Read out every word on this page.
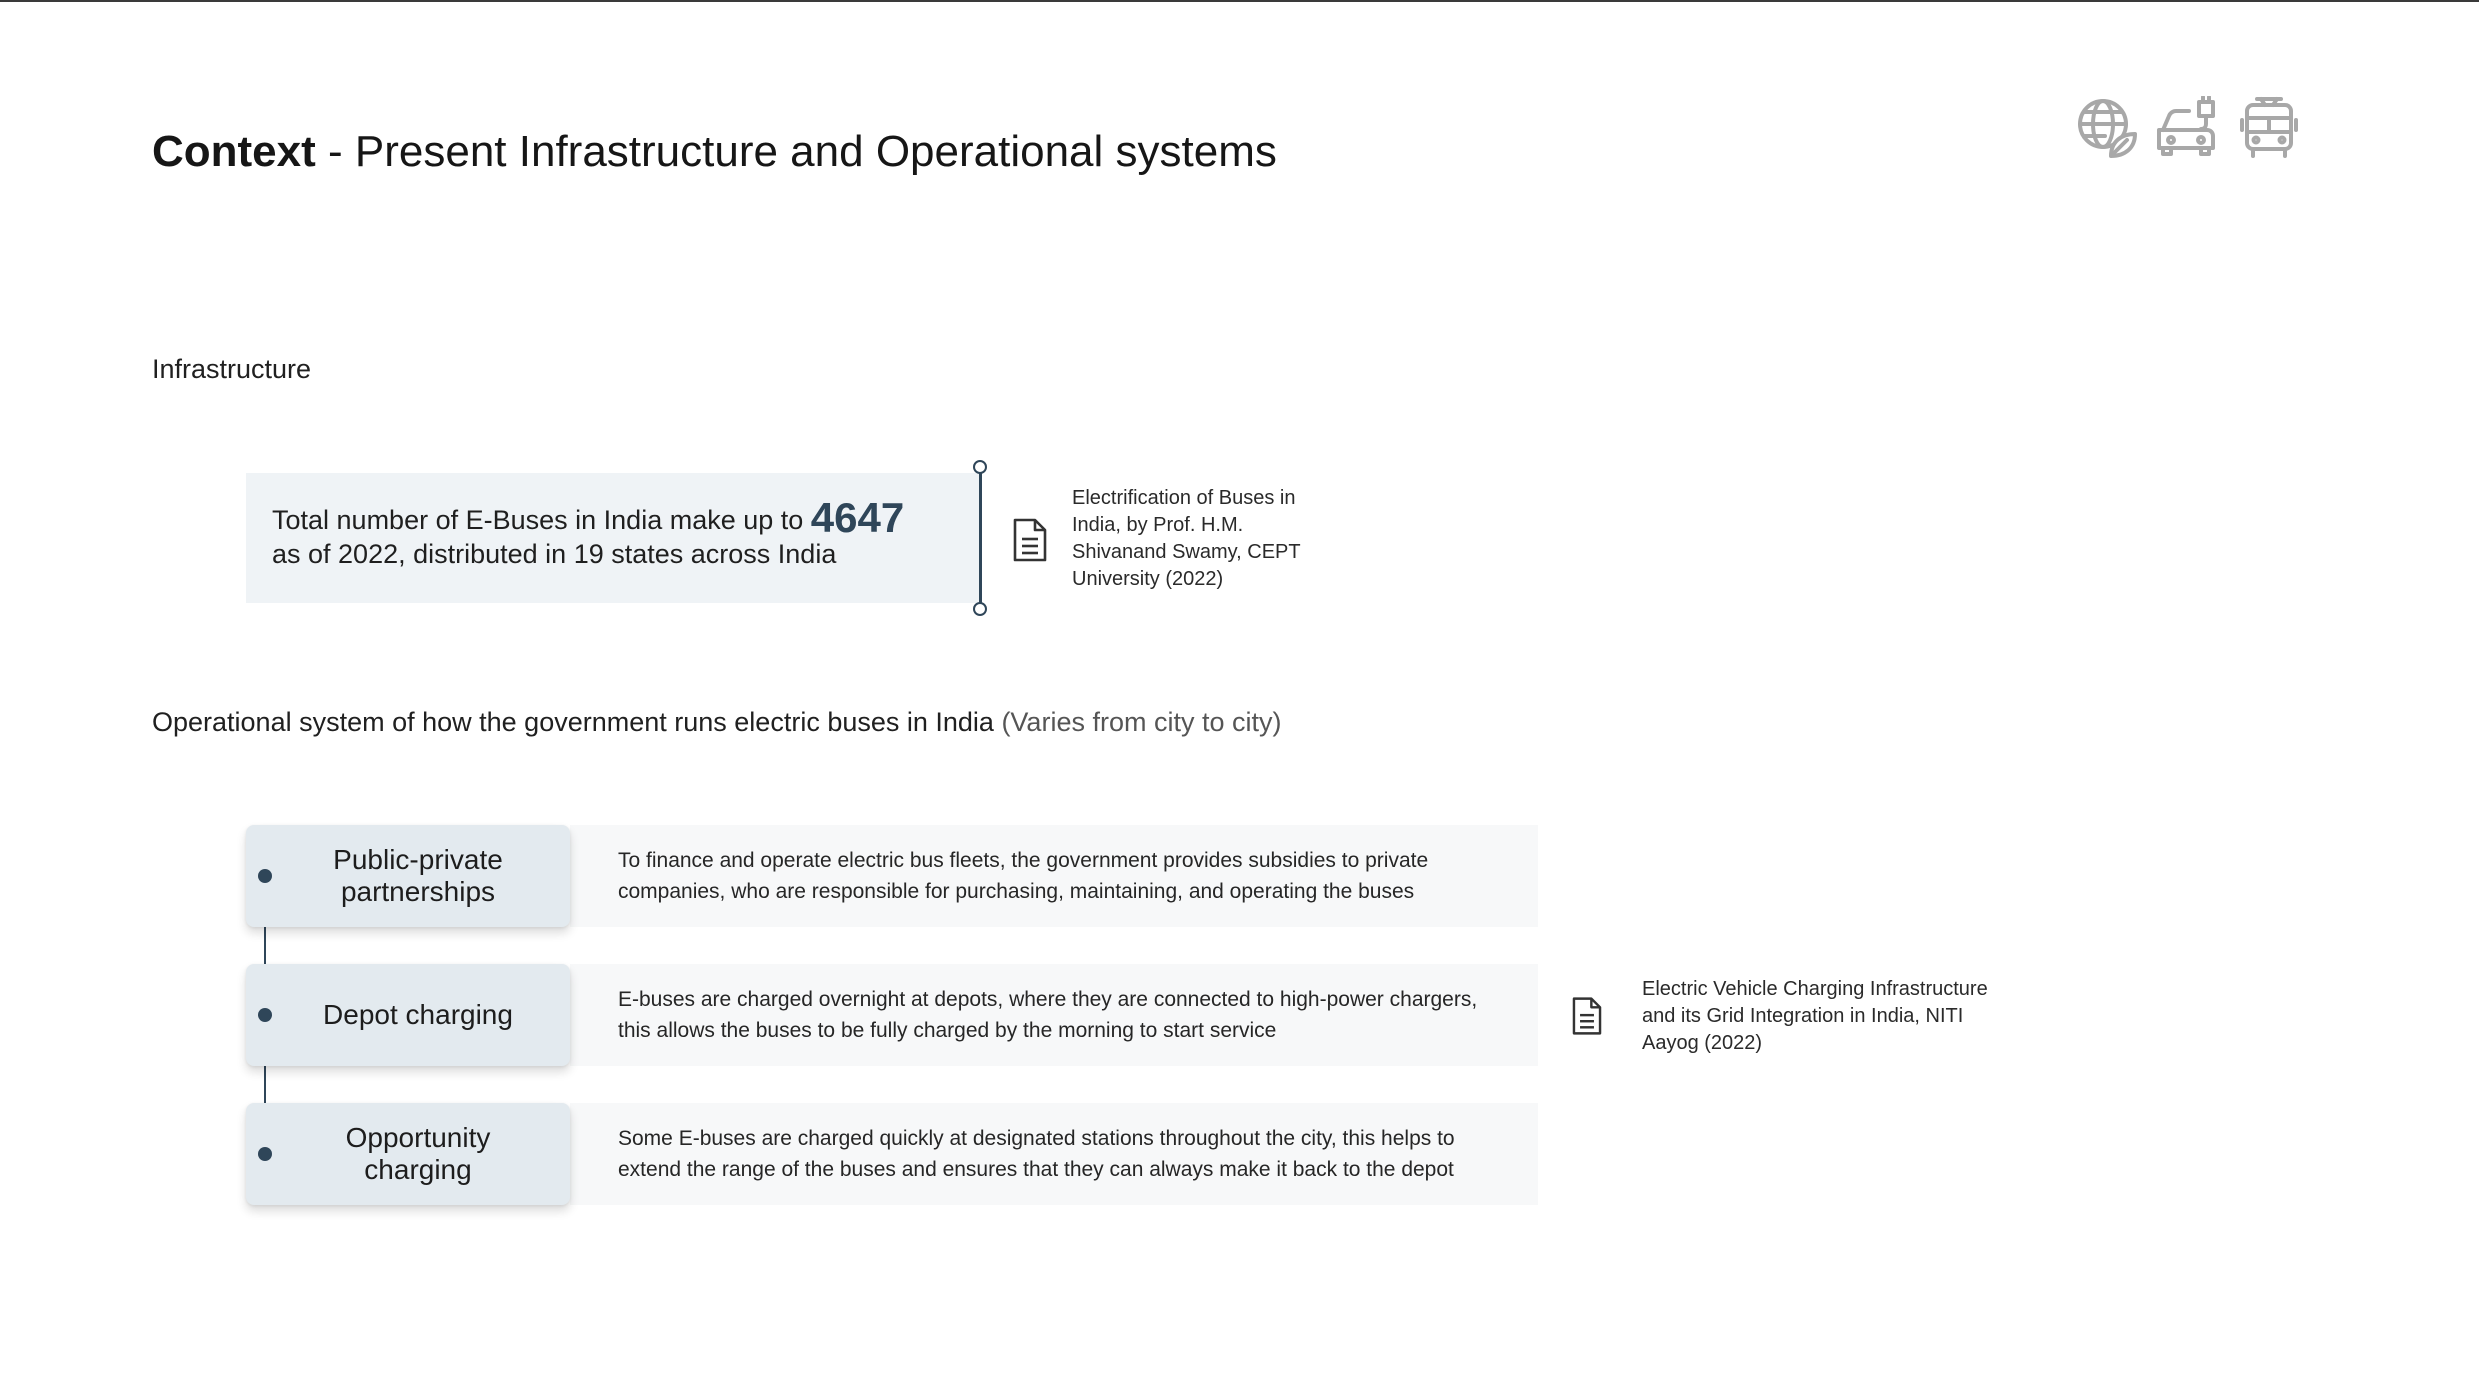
Context - Present Infrastructure and Operational systems
Infrastructure
Total number of E-Buses in India make up to 4647
as of 2022, distributed in 19 states across India
Electrification of Buses in India, by Prof. H.M. Shivanand Swamy, CEPT University (2022)
Operational system of how the government runs electric buses in India (Varies from city to city)
To finance and operate electric bus fleets, the government provides subsidies to private companies, who are responsible for purchasing, maintaining, and operating the buses
Public-private
partnerships
E-buses are charged overnight at depots, where they are connected to high-power chargers, this allows the buses to be fully charged by the morning to start service
Depot charging
Some E-buses are charged quickly at designated stations throughout the city, this helps to extend the range of the buses and ensures that they can always make it back to the depot
Opportunity
charging
Electric Vehicle Charging Infrastructure and its Grid Integration in India, NITI Aayog (2022)
